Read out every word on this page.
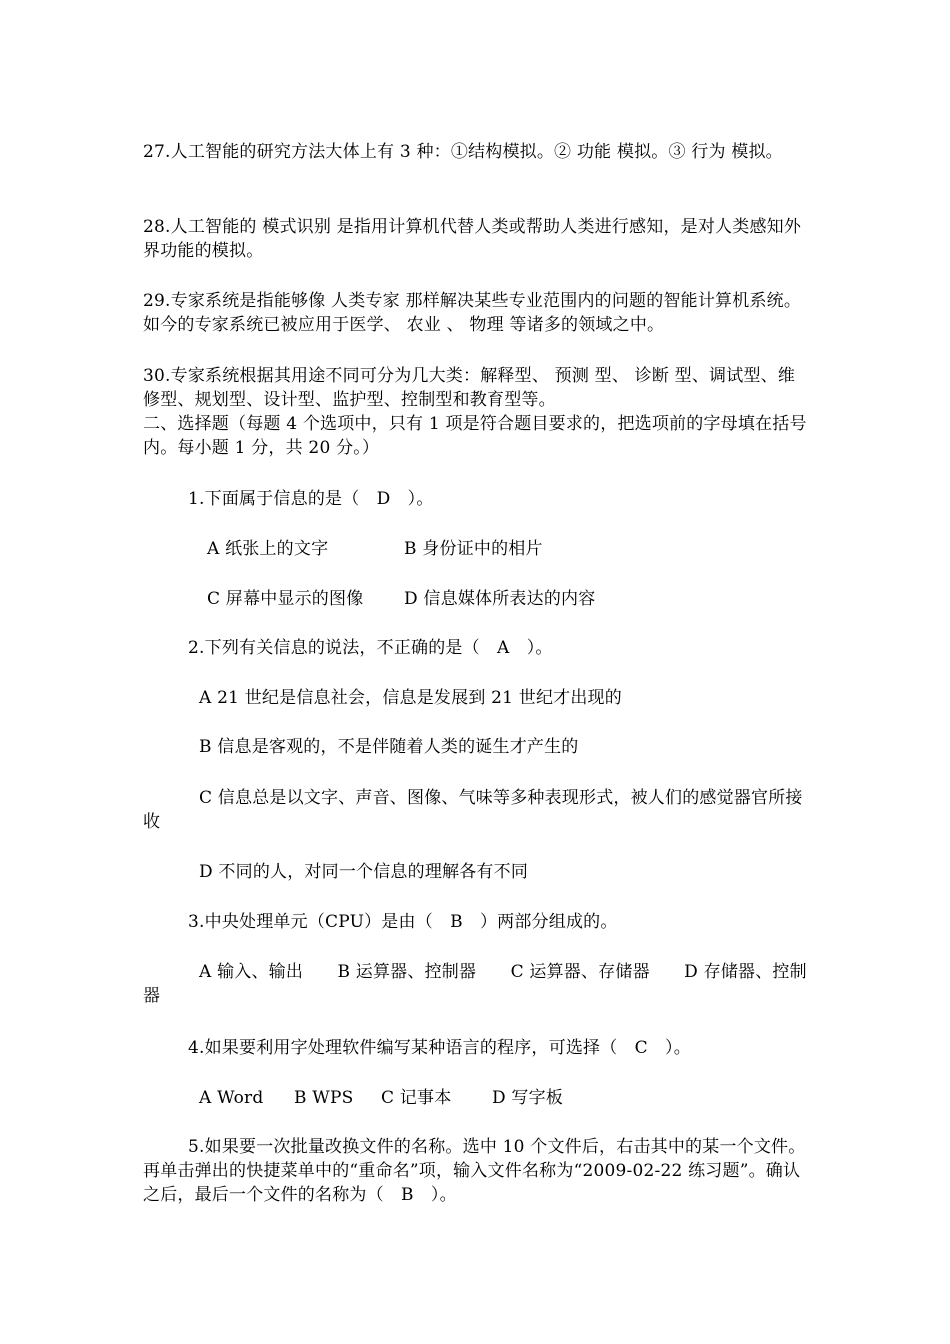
27.人工智能的研究方法大体上有 3 种：①结构模拟。② 功能 模拟。③ 行为 模拟。
28.人工智能的 模式识别 是指用计算机代替人类或帮助人类进行感知，是对人类感知外界功能的模拟。
29.专家系统是指能够像 人类专家 那样解决某些专业范围内的问题的智能计算机系统。如今的专家系统已被应用于医学、 农业 、 物理 等诸多的领域之中。
30.专家系统根据其用途不同可分为几大类：解释型、 预测 型、 诊断 型、调试型、维修型、规划型、设计型、监护型、控制型和教育型等。
二、选择题（每题 4 个选项中，只有 1 项是符合题目要求的，把选项前的字母填在括号内。每小题 1 分，共 20 分。）
1.下面属于信息的是（　D　）。
A 纸张上的文字	B 身份证中的相片
C 屏幕中显示的图像 D 信息媒体所表达的内容
2.下列有关信息的说法，不正确的是（　A　）。
A 21 世纪是信息社会，信息是发展到 21 世纪才出现的
B 信息是客观的，不是伴随着人类的诞生才产生的
C 信息总是以文字、声音、图像、气味等多种表现形式，被人们的感觉器官所接收
D 不同的人，对同一个信息的理解各有不同
3.中央处理单元（CPU）是由（　B　）两部分组成的。
A 输入、输出　　B 运算器、控制器　　C 运算器、存储器　　D 存储器、控制器
4.如果要利用字处理软件编写某种语言的程序，可选择（　C　）。
A Word B WPS C 记事本 D 写字板
5.如果要一次批量改换文件的名称。选中 10 个文件后，右击其中的某一个文件。再单击弹出的快捷菜单中的“重命名”项，输入文件名称为“2009-02-22 练习题”。确认之后，最后一个文件的名称为（　B　）。
